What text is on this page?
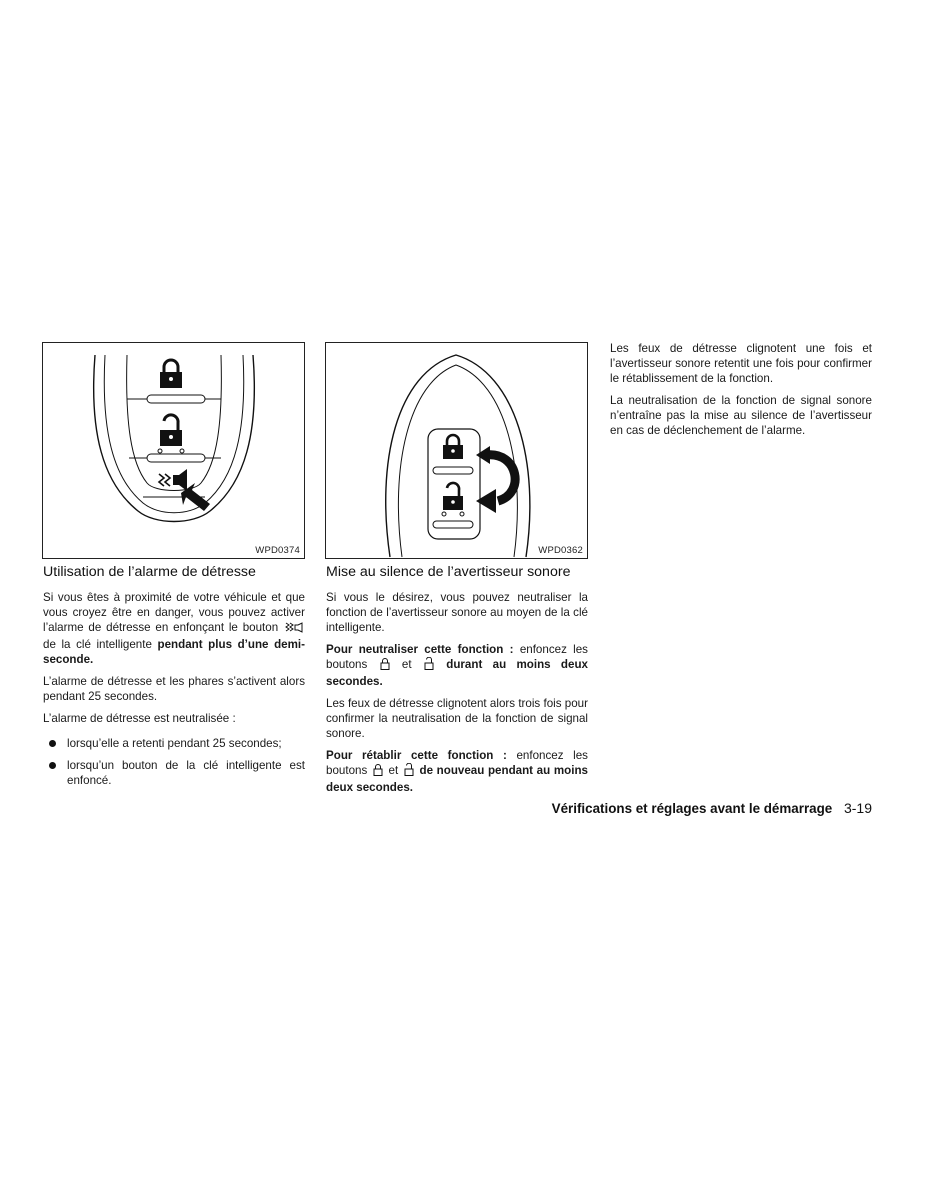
WPD0374	WPD0362
Utilisation de l’alarme de détresse

Si vous êtes à proximité de votre véhicule et que vous croyez être en danger, vous pouvez activer l’alarme de détresse en enfonçant le bouton  de la clé intelligente pendant plus d’une demi-seconde.

L’alarme de détresse et les phares s’activent alors pendant 25 secondes.

L’alarme de détresse est neutralisée :

lorsqu’elle a retenti pendant 25 secondes;
lorsqu’un bouton de la clé intelligente est enfoncé.
Mise au silence de l’avertisseur sonore

Si vous le désirez, vous pouvez neutraliser la fonction de l’avertisseur sonore au moyen de la clé intelligente.

Pour neutraliser cette fonction : enfoncez les boutons	et	durant au moins deux secondes.

Les feux de détresse clignotent alors trois fois pour confirmer la neutralisation de la fonction de signal sonore.

Pour rétablir cette fonction : enfoncez les boutons et de nouveau pendant au moins deux secondes.

Les feux de détresse clignotent une fois et l’avertisseur sonore retentit une fois pour confirmer le rétablissement de la fonction.

La neutralisation de la fonction de signal sonore n’entraîne pas la mise au silence de l’avertisseur en cas de déclenchement de l’alarme.

Vérifications et réglages avant le démarrage 3-19
